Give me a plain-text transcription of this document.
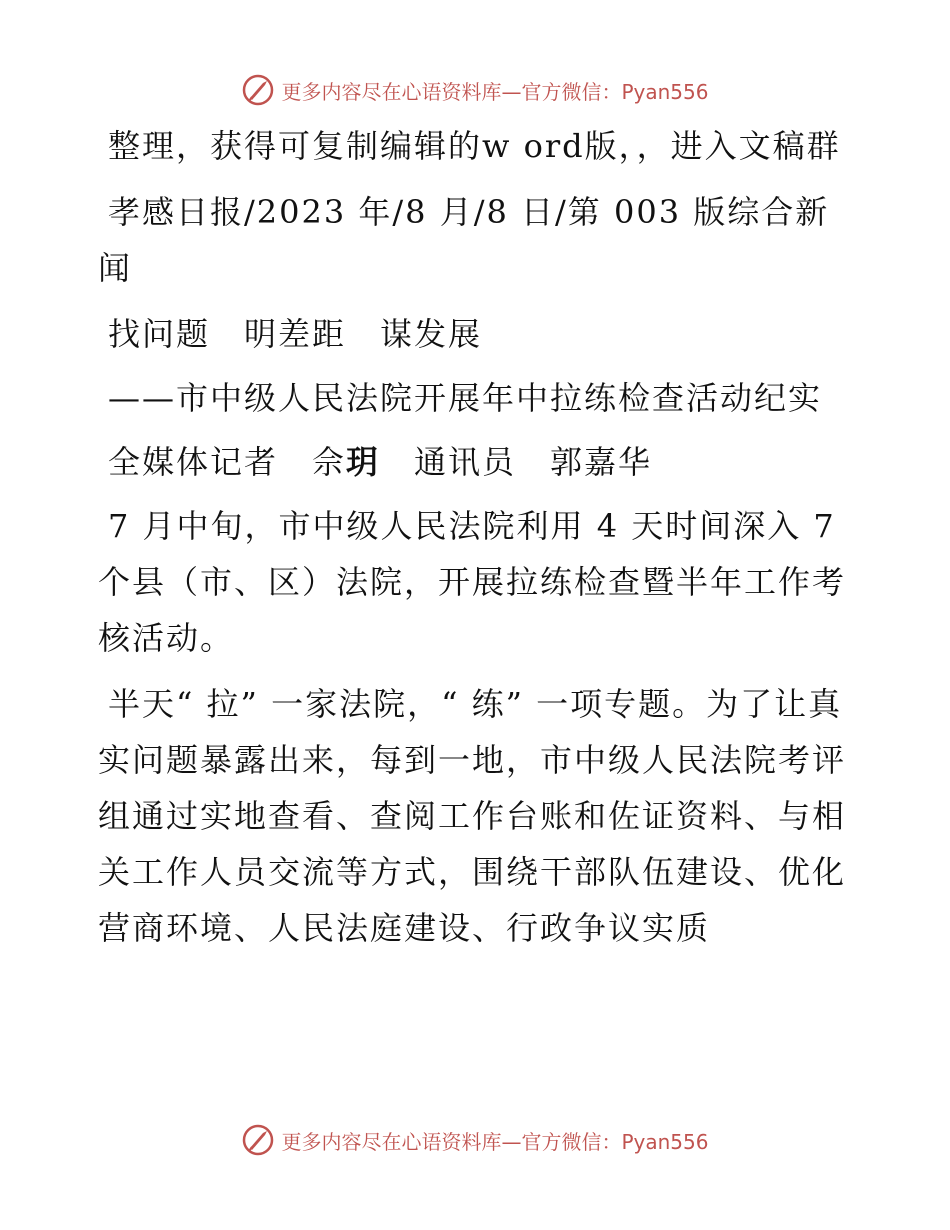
更多内容尽在心语资料库—官方微信：Pyan556

整理，获得可复制编辑的w ord版，，进入文稿群

孝感日报/2023 年/8 月/8 日/第 003 版综合新闻

找问题　明差距　谋发展

——市中级人民法院开展年中拉练检查活动纪实

全媒体记者　佘玥　通讯员　郭嘉华

7 月中旬，市中级人民法院利用 4 天时间深入 7 个县（市、区）法院，开展拉练检查暨半年工作考核活动。

半天“ 拉” 一家法院，“ 练” 一项专题。为了让真实问题暴露出来，每到一地，市中级人民法院考评组通过实地查看、查阅工作台账和佐证资料、与相关工作人员交流等方式，围绕干部队伍建设、优化营商环境、人民法庭建设、行政争议实质

更多内容尽在心语资料库—官方微信：Pyan556
